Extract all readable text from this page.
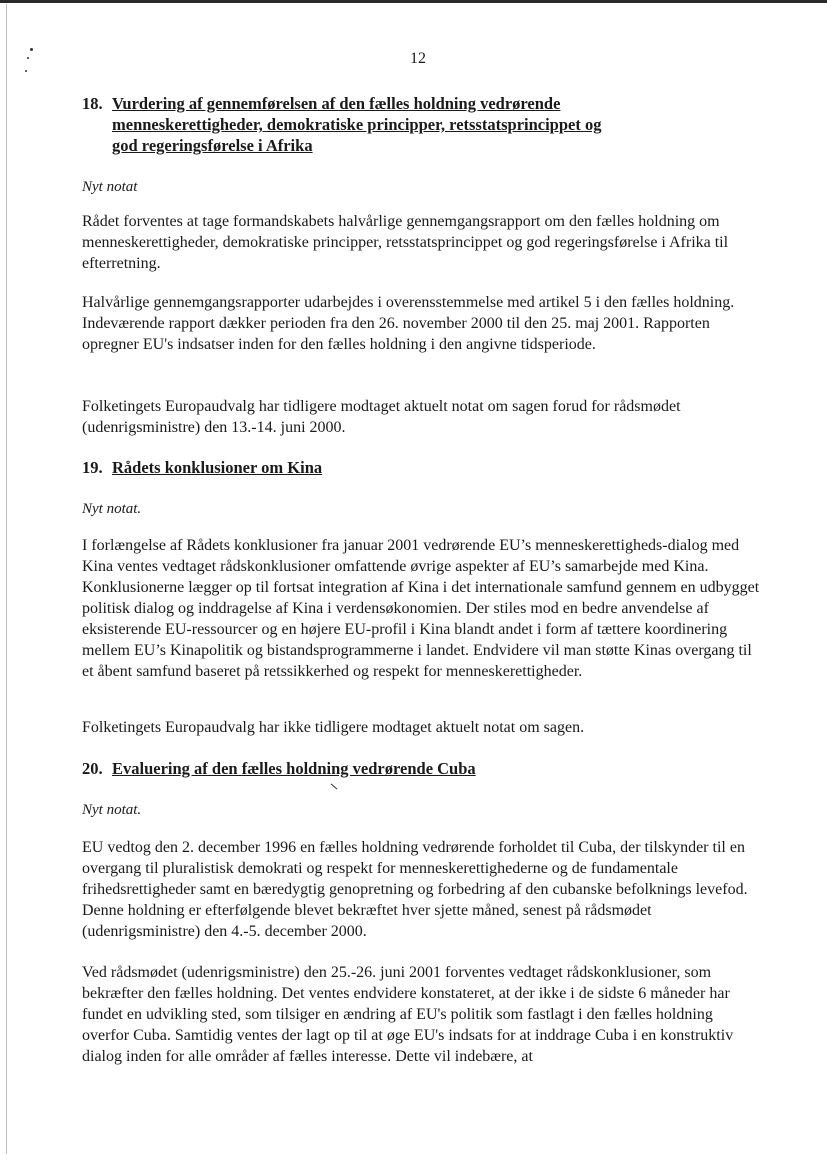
12
18. Vurdering af gennemførelsen af den fælles holdning vedrørende
menneskerettigheder, demokratiske principper, retsstatsprincippet og
god regeringsførelse i Afrika
Nyt notat
Rådet forventes at tage formandskabets halvårlige gennemgangsrapport om den fælles holdning om menneskerettigheder, demokratiske principper, retsstatsprincippet og god regeringsførelse i Afrika til efterretning.
Halvårlige gennemgangsrapporter udarbejdes i overensstemmelse med artikel 5 i den fælles holdning. Indeværende rapport dækker perioden fra den 26. november 2000 til den 25. maj 2001. Rapporten opregner EU's indsatser inden for den fælles holdning i den angivne tidsperiode.
Folketingets Europaudvalg har tidligere modtaget aktuelt notat om sagen forud for rådsmødet (udenrigsministre) den 13.-14. juni 2000.
19. Rådets konklusioner om Kina
Nyt notat.
I forlængelse af Rådets konklusioner fra januar 2001 vedrørende EU’s menneskerettigheds-dialog med Kina ventes vedtaget rådskonklusioner omfattende øvrige aspekter af EU’s samarbejde med Kina. Konklusionerne lægger op til fortsat integration af Kina i det internationale samfund gennem en udbygget politisk dialog og inddragelse af Kina i verdensøkonomien. Der stiles mod en bedre anvendelse af eksisterende EU-ressourcer og en højere EU-profil i Kina blandt andet i form af tættere koordinering mellem EU’s Kinapolitik og bistandsprogrammerne i landet. Endvidere vil man støtte Kinas overgang til et åbent samfund baseret på retssikkerhed og respekt for menneskerettigheder.
Folketingets Europaudvalg har ikke tidligere modtaget aktuelt notat om sagen.
20. Evaluering af den fælles holdning vedrørende Cuba
Nyt notat.
EU vedtog den 2. december 1996 en fælles holdning vedrørende forholdet til Cuba, der tilskynder til en overgang til pluralistisk demokrati og respekt for menneskerettighederne og de fundamentale frihedsrettigheder samt en bæredygtig genopretning og forbedring af den cubanske befolknings levefod. Denne holdning er efterfølgende blevet bekræftet hver sjette måned, senest på rådsmødet (udenrigsministre) den 4.-5. december 2000.
Ved rådsmødet (udenrigsministre) den 25.-26. juni 2001 forventes vedtaget rådskonklusioner, som bekræfter den fælles holdning. Det ventes endvidere konstateret, at der ikke i de sidste 6 måneder har fundet en udvikling sted, som tilsiger en ændring af EU's politik som fastlagt i den fælles holdning overfor Cuba. Samtidig ventes der lagt op til at øge EU's indsats for at inddrage Cuba i en konstruktiv dialog inden for alle områder af fælles interesse. Dette vil indebære, at
